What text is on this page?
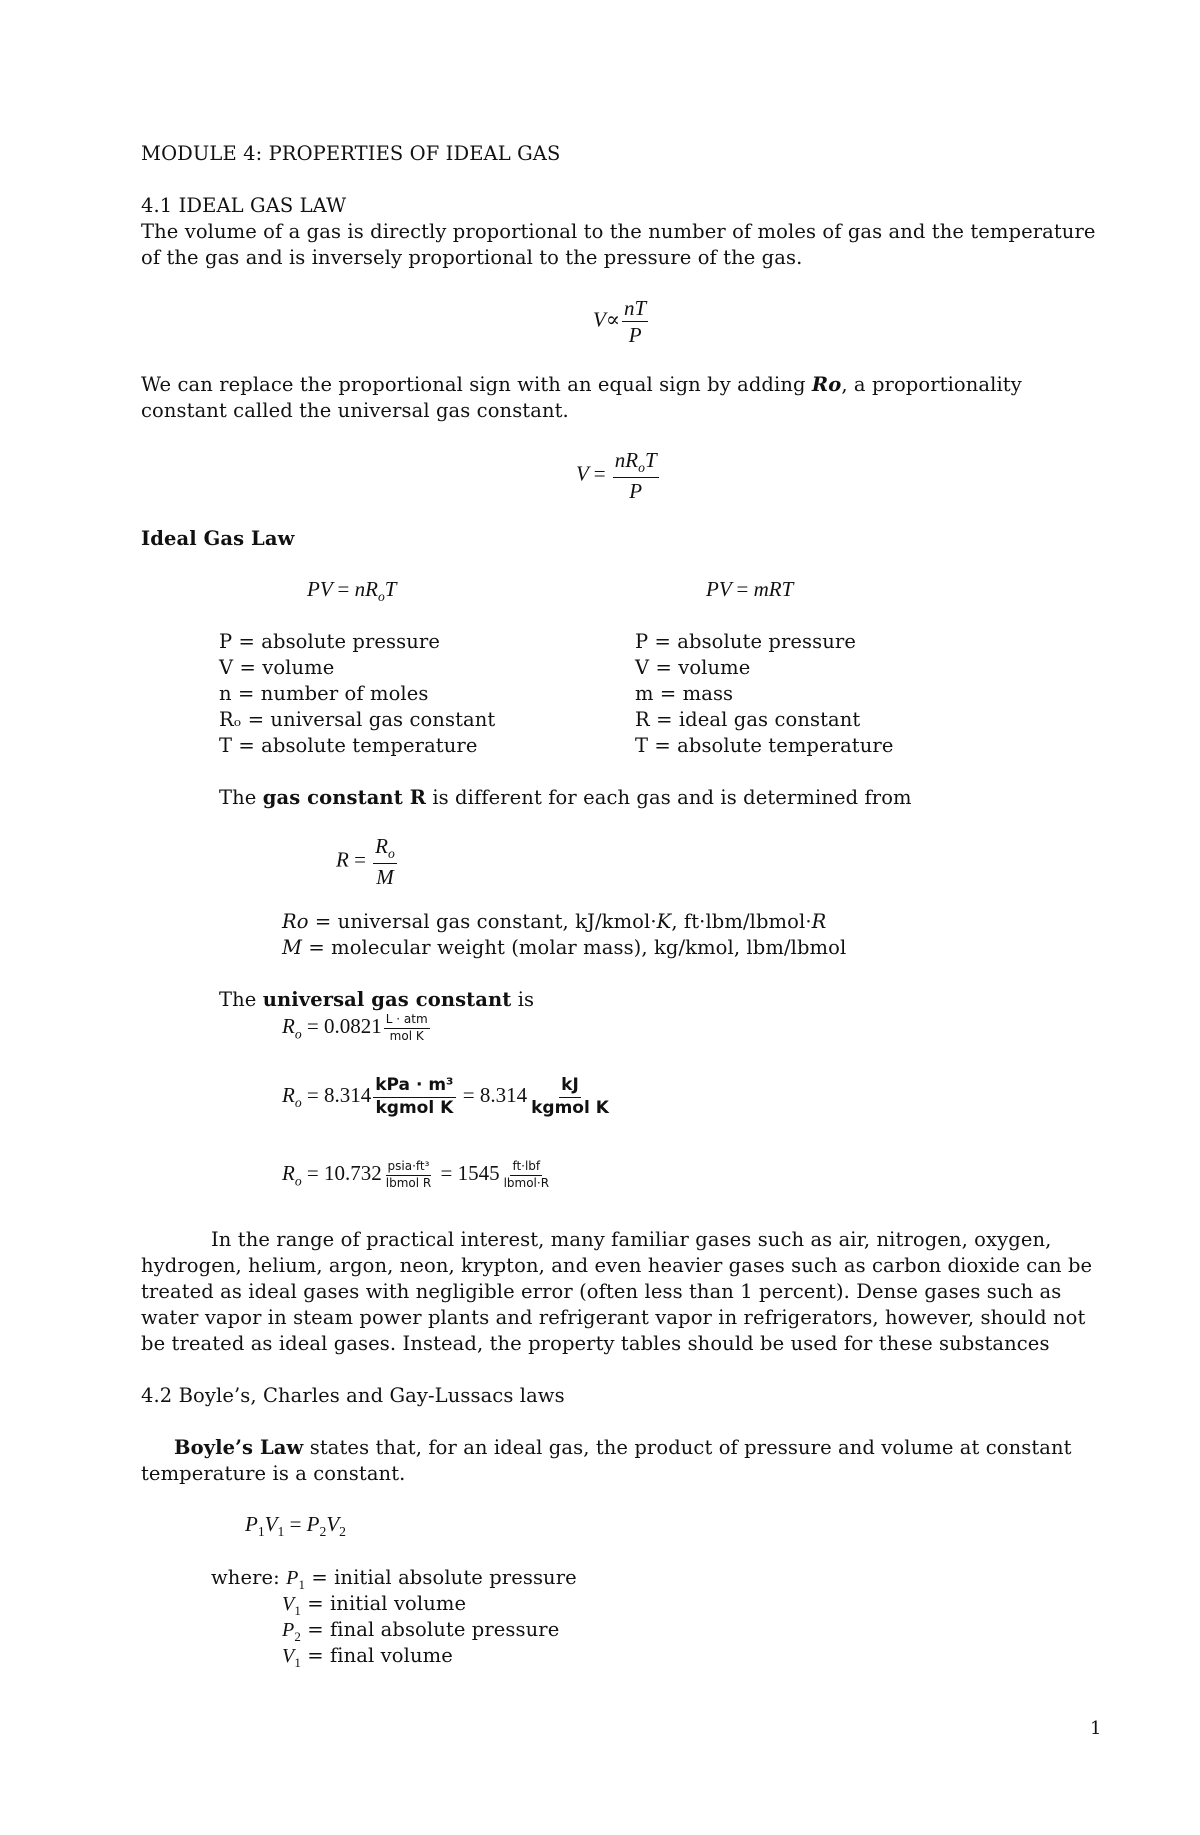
MODULE 4: PROPERTIES OF IDEAL GAS
4.1 IDEAL GAS LAW
The volume of a gas is directly proportional to the number of moles of gas and the temperature
of the gas and is inversely proportional to the pressure of the gas.
$V\propto \frac{nT}{P}$
We can replace the proportional sign with an equal sign by adding Ro, a proportionality
constant called the universal gas constant.
$V = \frac{nR_oT}{P}$
Ideal Gas Law
PV = $nR_oT$	PV = mRT
P = absolute pressure
V = volume
n = number of moles
Rₒ = universal gas constant
T = absolute temperature
P = absolute pressure
V = volume
m = mass
R = ideal gas constant
T = absolute temperature
The gas constant R is different for each gas and is determined from
$R = \frac{R_o}{M}$
Ro = universal gas constant, kJ/kmol·K, ft·lbm/lbmol·R
M = molecular weight (molar mass), kg/kmol, lbm/lbmol
The universal gas constant is
$R_o = 0.0821 \frac{\text{L · atm}}{\text{mol K}}$
$R_o = 8.314 \frac{\text{kPa · m³}}{\text{kgmol K}} = 8.314 \frac{kJ}{\text{kgmol K}}$
$R_o = 10.732 \frac{\text{psia·ft³}}{\text{lbmol R}} = 1545 \frac{\text{ft·lbf}}{\text{lbmol·R}}$
In the range of practical interest, many familiar gases such as air, nitrogen, oxygen,
hydrogen, helium, argon, neon, krypton, and even heavier gases such as carbon dioxide can be
treated as ideal gases with negligible error (often less than 1 percent). Dense gases such as
water vapor in steam power plants and refrigerant vapor in refrigerators, however, should not
be treated as ideal gases. Instead, the property tables should be used for these substances
4.2 Boyle’s, Charles and Gay-Lussacs laws
Boyle’s Law states that, for an ideal gas, the product of pressure and volume at constant
temperature is a constant.
$P_1V_1 = P_2V_2$
where: $P_1$ = initial absolute pressure
$V_1$ = initial volume
$P_2$ = final absolute pressure
$V_1$ = final volume
1
